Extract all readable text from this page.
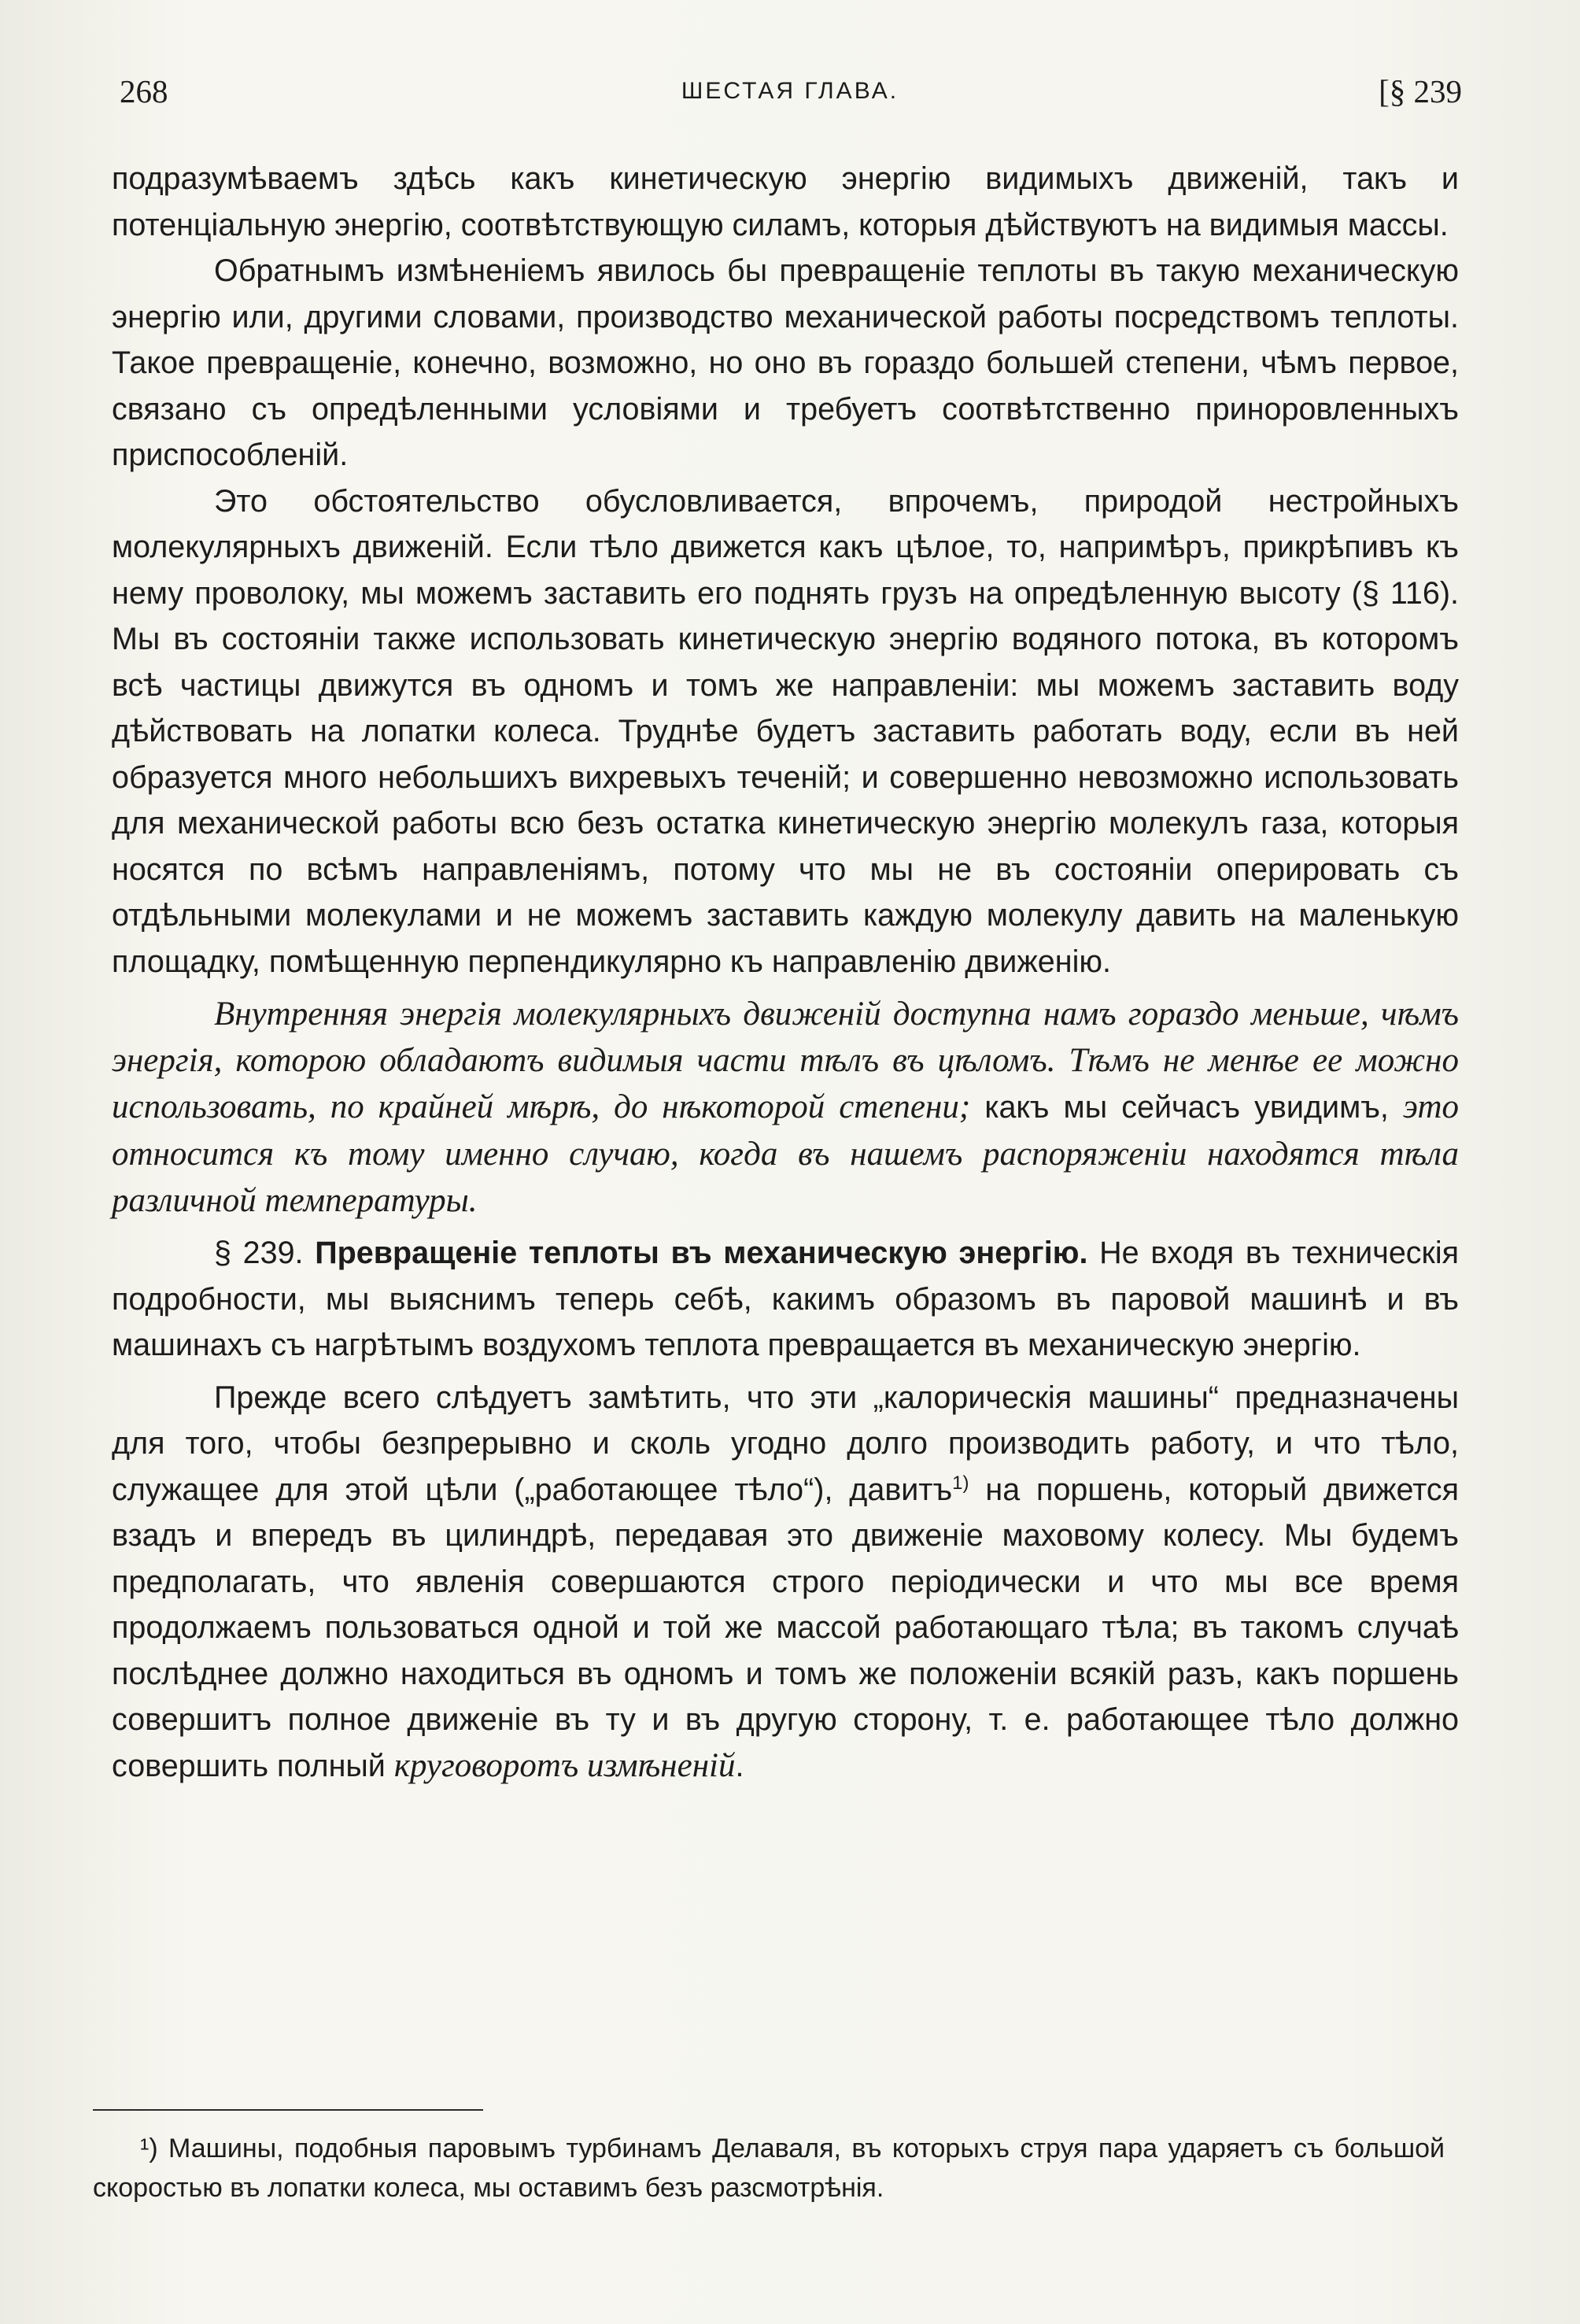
268	ШЕСТАЯ ГЛАВА.	[§ 239

подразумѣваемъ здѣсь какъ кинетическую энергію видимыхъ движеній, такъ и потенціальную энергію, соотвѣтствующую силамъ, которыя дѣйствуютъ на видимыя массы.

Обратнымъ измѣненіемъ явилось бы превращеніе теплоты въ такую механическую энергію или, другими словами, производство механической работы посредствомъ теплоты. Такое превращеніе, конечно, возможно, но оно въ гораздо большей степени, чѣмъ первое, связано съ опредѣленными условіями и требуетъ соотвѣтственно приноровленныхъ приспособленій.

Это обстоятельство обусловливается, впрочемъ, природой нестройныхъ молекулярныхъ движеній. Если тѣло движется какъ цѣлое, то, напримѣръ, прикрѣпивъ къ нему проволоку, мы можемъ заставить его поднять грузъ на опредѣленную высоту (§ 116). Мы въ состояніи также использовать кинетическую энергію водяного потока, въ которомъ всѣ частицы движутся въ одномъ и томъ же направленіи: мы можемъ заставить воду дѣйствовать на лопатки колеса. Труднѣе будетъ заставить работать воду, если въ ней образуется много небольшихъ вихревыхъ теченій; и совершенно невозможно использовать для механической работы всю безъ остатка кинетическую энергію молекулъ газа, которыя носятся по всѣмъ направленіямъ, потому что мы не въ состояніи оперировать съ отдѣльными молекулами и не можемъ заставить каждую молекулу давить на маленькую площадку, помѣщенную перпендикулярно къ направленію движенію.

Внутренняя энергія молекулярныхъ движеній доступна намъ гораздо меньше, чѣмъ энергія, которою обладаютъ видимыя части тѣлъ въ цѣломъ. Тѣмъ не менѣе ее можно использовать, по крайней мѣрѣ, до нѣкоторой степени; какъ мы сейчасъ увидимъ, это относится къ тому именно случаю, когда въ нашемъ распоряженіи находятся тѣла различной температуры.

§ 239. Превращеніе теплоты въ механическую энергію. Не входя въ техническія подробности, мы выяснимъ теперь себѣ, какимъ образомъ въ паровой машинѣ и въ машинахъ съ нагрѣтымъ воздухомъ теплота превращается въ механическую энергію.

Прежде всего слѣдуетъ замѣтить, что эти „калорическія машины“ предназначены для того, чтобы безпрерывно и сколь угодно долго производить работу, и что тѣло, служащее для этой цѣли („работающее тѣло“), давитъ$^{1)}$ на поршень, который движется взадъ и впередъ въ цилиндрѣ, передавая это движеніе маховому колесу. Мы будемъ предполагать, что явленія совершаются строго періодически и что мы все время продолжаемъ пользоваться одной и той же массой работающаго тѣла; въ такомъ случаѣ послѣднее должно находиться въ одномъ и томъ же положеніи всякій разъ, какъ поршень совершитъ полное движеніе въ ту и въ другую сторону, т. е. работающее тѣло должно совершить полный круговоротъ измѣненій.

¹) Машины, подобныя паровымъ турбинамъ Делаваля, въ которыхъ струя пара ударяетъ съ большой скоростью въ лопатки колеса, мы оставимъ безъ разсмотрѣнія.
